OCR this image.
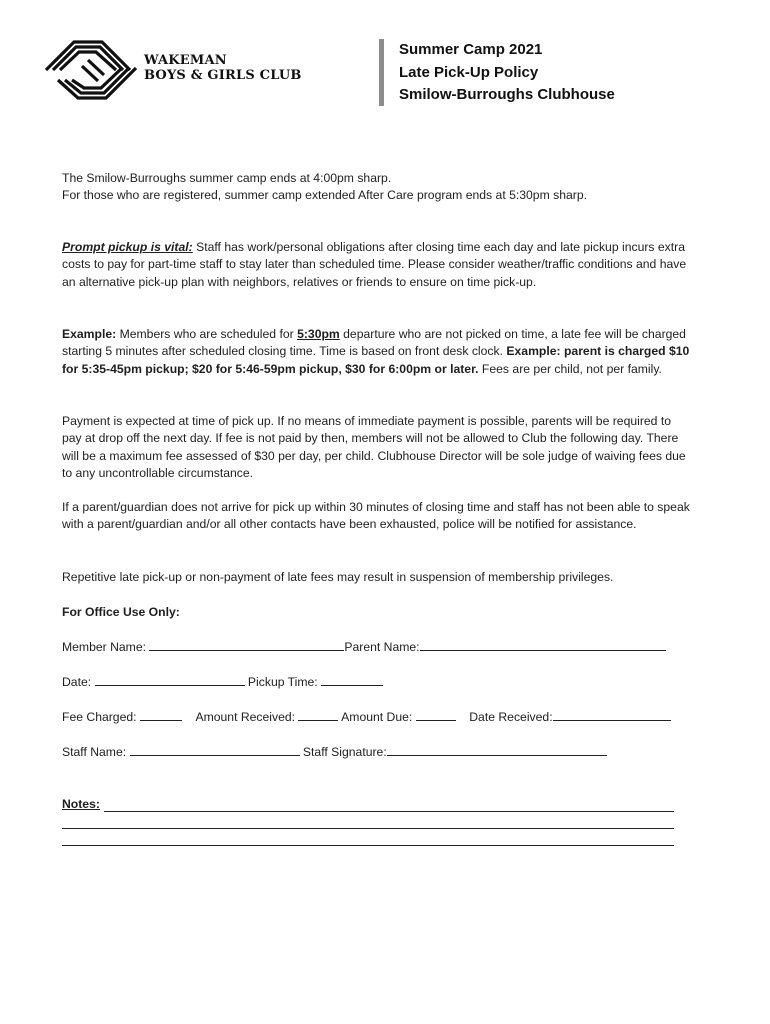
WAKEMAN
BOYS & GIRLS CLUB
Summer Camp 2021
Late Pick-Up Policy
Smilow-Burroughs Clubhouse
The Smilow-Burroughs summer camp ends at 4:00pm sharp.
For those who are registered, summer camp extended After Care program ends at 5:30pm sharp.
Prompt pickup is vital: Staff has work/personal obligations after closing time each day and late pickup incurs extra costs to pay for part-time staff to stay later than scheduled time. Please consider weather/traffic conditions and have an alternative pick-up plan with neighbors, relatives or friends to ensure on time pick-up.
Example: Members who are scheduled for 5:30pm departure who are not picked on time, a late fee will be charged starting 5 minutes after scheduled closing time. Time is based on front desk clock. Example: parent is charged $10 for 5:35-45pm pickup; $20 for 5:46-59pm pickup, $30 for 6:00pm or later. Fees are per child, not per family.
Payment is expected at time of pick up. If no means of immediate payment is possible, parents will be required to pay at drop off the next day. If fee is not paid by then, members will not be allowed to Club the following day. There will be a maximum fee assessed of $30 per day, per child. Clubhouse Director will be sole judge of waiving fees due to any uncontrollable circumstance.
If a parent/guardian does not arrive for pick up within 30 minutes of closing time and staff has not been able to speak with a parent/guardian and/or all other contacts have been exhausted, police will be notified for assistance.
Repetitive late pick-up or non-payment of late fees may result in suspension of membership privileges.
For Office Use Only:
Member Name:	Parent Name:
Date:	Pickup Time:
Fee Charged:	Amount Received:	Amount Due:	Date Received:
Staff Name:	Staff Signature:
Notes:
